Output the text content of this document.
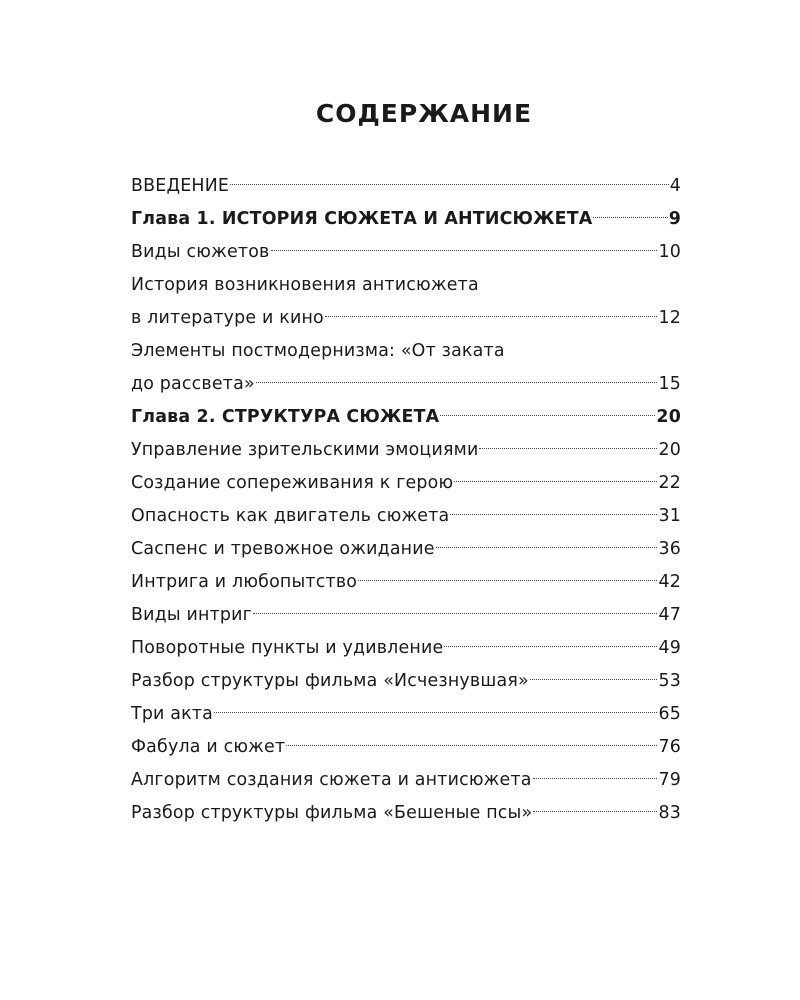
СОДЕРЖАНИЕ
ВВЕДЕНИЕ	4
Глава 1. ИСТОРИЯ СЮЖЕТА И АНТИСЮЖЕТА	9
Виды сюжетов	10
История возникновения антисюжета
в литературе и кино	12
Элементы постмодернизма: «От заката
до рассвета»	15
Глава 2. СТРУКТУРА СЮЖЕТА	20
Управление зрительскими эмоциями	20
Создание сопереживания к герою	22
Опасность как двигатель сюжета	31
Саспенс и тревожное ожидание	36
Интрига и любопытство	42
Виды интриг	47
Поворотные пункты и удивление	49
Разбор структуры фильма «Исчезнувшая»	53
Три акта	65
Фабула и сюжет	76
Алгоритм создания сюжета и антисюжета	79
Разбор структуры фильма «Бешеные псы»	83
